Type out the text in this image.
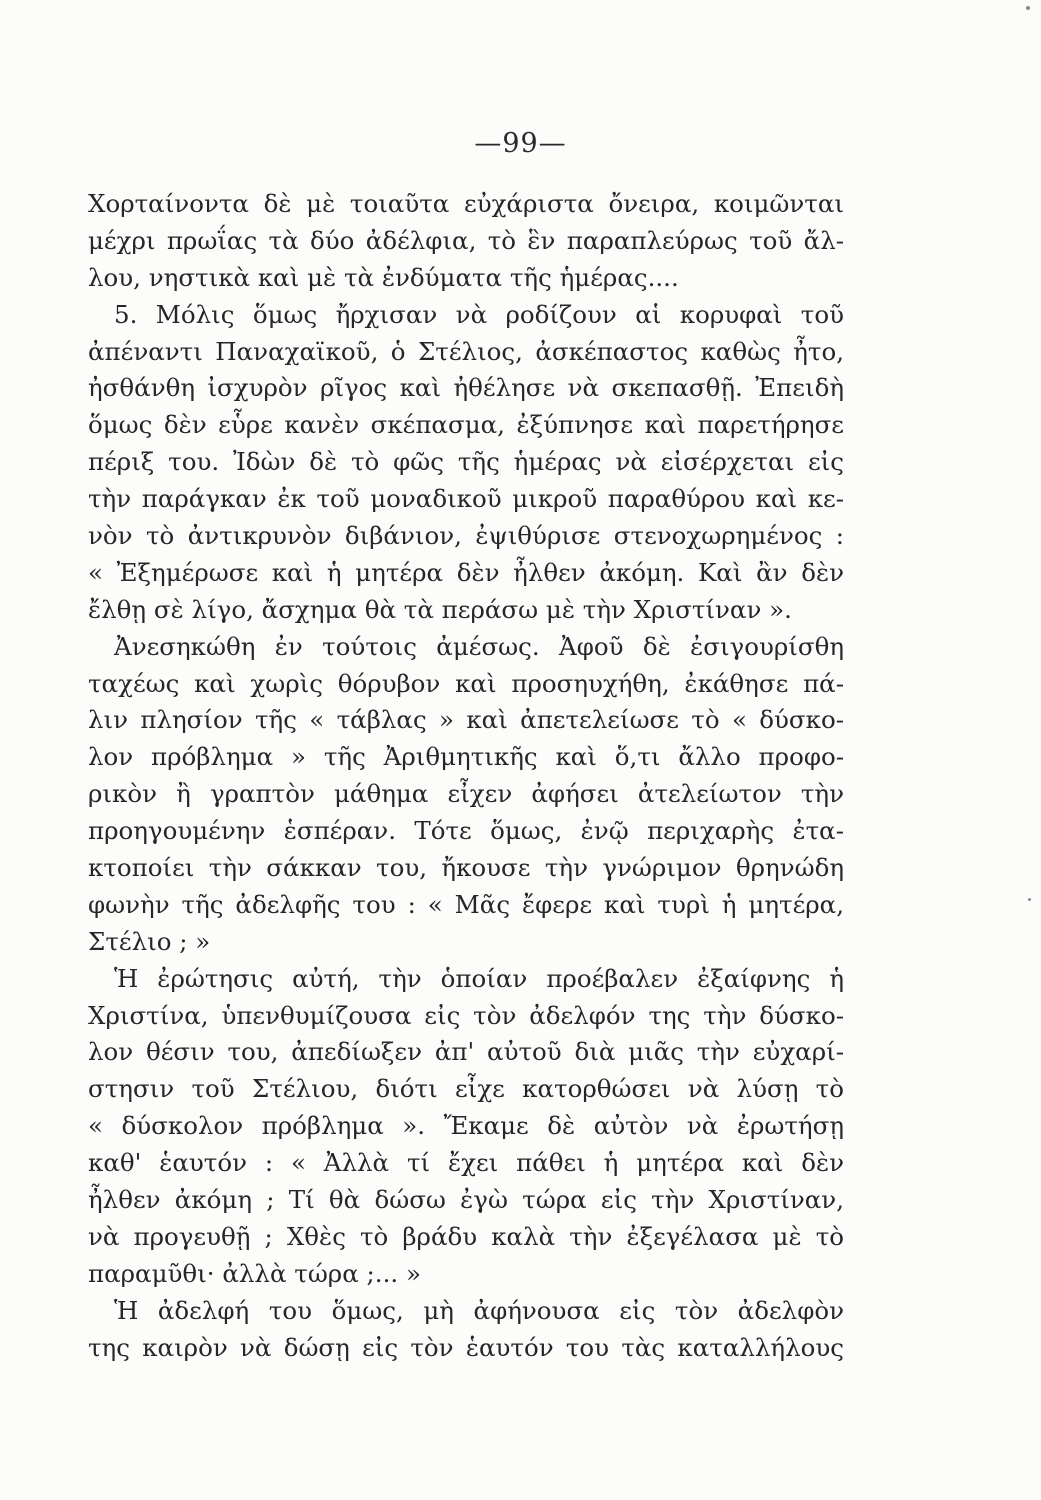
—99—
Χορταίνοντα δὲ μὲ τοιαῦτα εὐχάριστα ὄνειρα, κοιμῶνται
μέχρι πρωΐας τὰ δύο ἀδέλφια, τὸ ἓν παραπλεύρως τοῦ ἄλ-
λου, νηστικὰ καὶ μὲ τὰ ἐνδύματα τῆς ἡμέρας....
5. Μόλις ὅμως ἤρχισαν νὰ ροδίζουν αἱ κορυφαὶ τοῦ
ἀπέναντι Παναχαϊκοῦ, ὁ Στέλιος, ἀσκέπαστος καθὼς ἦτο,
ἠσθάνθη ἰσχυρὸν ρῖγος καὶ ἠθέλησε νὰ σκεπασθῇ. Ἐπειδὴ
ὅμως δὲν εὗρε κανὲν σκέπασμα, ἐξύπνησε καὶ παρετήρησε
πέριξ του. Ἰδὼν δὲ τὸ φῶς τῆς ἡμέρας νὰ εἰσέρχεται εἰς
τὴν παράγκαν ἐκ τοῦ μοναδικοῦ μικροῦ παραθύρου καὶ κε-
νὸν τὸ ἀντικρυνὸν διβάνιον, ἐψιθύρισε στενοχωρημένος :
« Ἐξημέρωσε καὶ ἡ μητέρα δὲν ἦλθεν ἀκόμη. Καὶ ἂν δὲν
ἔλθῃ σὲ λίγο, ἄσχημα θὰ τὰ περάσω μὲ τὴν Χριστίναν ».
Ἀνεσηκώθη ἐν τούτοις ἀμέσως. Ἀφοῦ δὲ ἐσιγουρίσθη
ταχέως καὶ χωρὶς θόρυβον καὶ προσηυχήθη, ἐκάθησε πά-
λιν πλησίον τῆς « τάβλας » καὶ ἀπετελείωσε τὸ « δύσκο-
λον πρόβλημα » τῆς Ἀριθμητικῆς καὶ ὅ,τι ἄλλο προφο-
ρικὸν ἢ γραπτὸν μάθημα εἶχεν ἀφήσει ἀτελείωτον τὴν
προηγουμένην ἑσπέραν. Τότε ὅμως, ἐνῷ περιχαρὴς ἐτα-
κτοποίει τὴν σάκκαν του, ἤκουσε τὴν γνώριμον θρηνώδη
φωνὴν τῆς ἀδελφῆς του : « Μᾶς ἔφερε καὶ τυρὶ ἡ μητέρα,
Στέλιο ; »
Ἡ ἐρώτησις αὐτή, τὴν ὁποίαν προέβαλεν ἐξαίφνης ἡ
Χριστίνα, ὑπενθυμίζουσα εἰς τὸν ἀδελφόν της τὴν δύσκο-
λον θέσιν του, ἀπεδίωξεν ἀπ' αὐτοῦ διὰ μιᾶς τὴν εὐχαρί-
στησιν τοῦ Στέλιου, διότι εἶχε κατορθώσει νὰ λύσῃ τὸ
« δύσκολον πρόβλημα ». Ἔκαμε δὲ αὐτὸν νὰ ἐρωτήσῃ
καθ' ἑαυτόν : « Ἀλλὰ τί ἔχει πάθει ἡ μητέρα καὶ δὲν
ἦλθεν ἀκόμη ; Τί θὰ δώσω ἐγὼ τώρα εἰς τὴν Χριστίναν,
νὰ προγευθῇ ; Χθὲς τὸ βράδυ καλὰ τὴν ἐξεγέλασα μὲ τὸ
παραμῦθι· ἀλλὰ τώρα ;... »
Ἡ ἀδελφή του ὅμως, μὴ ἀφήνουσα εἰς τὸν ἀδελφὸν
της καιρὸν νὰ δώσῃ εἰς τὸν ἑαυτόν του τὰς καταλλήλους
